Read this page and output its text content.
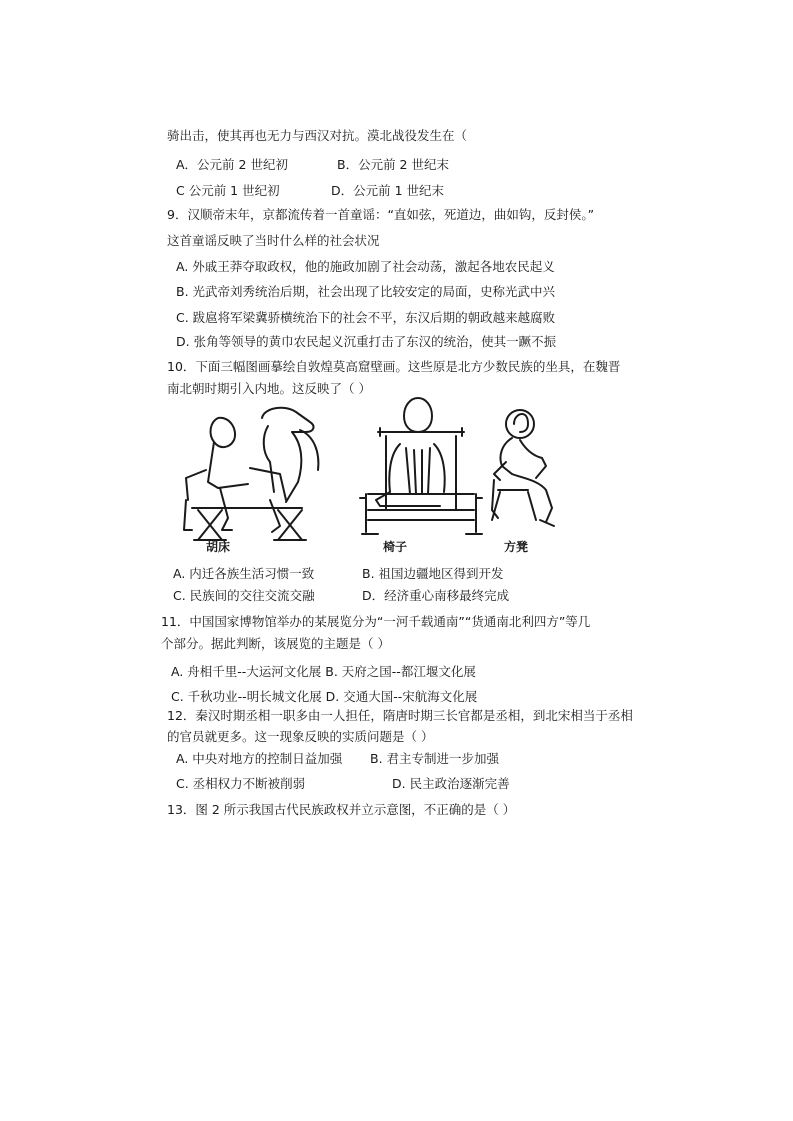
骑出击，使其再也无力与西汉对抗。漠北战役发生在（
A．公元前 2 世纪初	B．公元前 2 世纪末
C 公元前 1 世纪初	D．公元前 1 世纪末
9．汉顺帝末年，京都流传着一首童谣：“直如弦，死道边，曲如钩，反封侯。”
这首童谣反映了当时什么样的社会状况
A. 外戚王莽夺取政权，他的施政加剧了社会动荡，激起各地农民起义
B. 光武帝刘秀统治后期，社会出现了比较安定的局面，史称光武中兴
C. 跋扈将军梁冀骄横统治下的社会不平，东汉后期的朝政越来越腐败
D. 张角等领导的黄巾农民起义沉重打击了东汉的统治，使其一蹶不振
10．下面三幅图画摹绘自敦煌莫高窟壁画。这些原是北方少数民族的坐具，在魏晋
南北朝时期引入内地。这反映了（ ）
胡床	椅子	方凳
A. 内迁各族生活习惯一致	B. 祖国边疆地区得到开发
C. 民族间的交往交流交融	D．经济重心南移最终完成
11．中国国家博物馆举办的某展览分为“一河千载通南”“货通南北利四方”等几
个部分。据此判断，该展览的主题是（ ）
A. 舟相千里--大运河文化展 B. 天府之国--都江堰文化展
C. 千秋功业--明长城文化展 D. 交通大国--宋航海文化展
12．秦汉时期丞相一职多由一人担任，隋唐时期三长官都是丞相，到北宋相当于丞相
的官员就更多。这一现象反映的实质问题是（ ）
A. 中央对地方的控制日益加强 B. 君主专制进一步加强
C. 丞相权力不断被削弱	D. 民主政治逐渐完善
13．图 2 所示我国古代民族政权并立示意图，不正确的是（ ）
